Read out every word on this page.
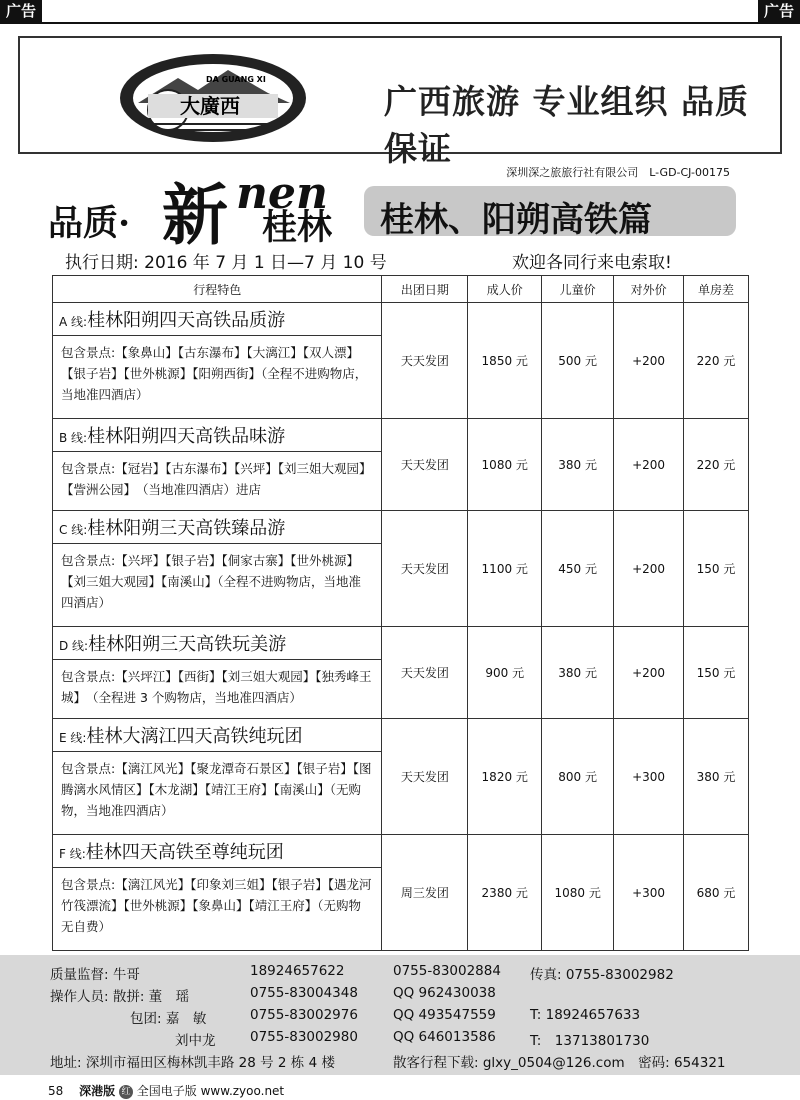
广告	广告
大廣西
DA GUANG XI
广西旅游 专业组织 品质保证
深圳深之旅旅行社有限公司　L-GD-CJ-00175
品质· 新 nen
桂林 桂林、阳朔高铁篇
执行日期: 2016 年 7 月 1 日—7 月 10 号	欢迎各同行来电索取!
行程特色	出团日期	成人价	儿童价	对外价	单房差
A 线:桂林阳朔四天高铁品质游	天天发团	1850 元	500 元	+200	220 元
包含景点:【象鼻山】【古东瀑布】【大漓江】【双人漂】【银子岩】【世外桃源】【阳朔西街】（全程不进购物店，当地准四酒店）					
B 线:桂林阳朔四天高铁品味游	天天发团	1080 元	380 元	+200	220 元
包含景点:【冠岩】【古东瀑布】【兴坪】【刘三姐大观园】【訾洲公园】　（当地准四酒店）进店					
C 线:桂林阳朔三天高铁臻品游	天天发团	1100 元	450 元	+200	150 元
包含景点:【兴坪】【银子岩】【侗家古寨】【世外桃源】【刘三姐大观园】【南溪山】（全程不进购物店，当地准四酒店）					
D 线:桂林阳朔三天高铁玩美游	天天发团	900 元	380 元	+200	150 元
包含景点:【兴坪江】【西街】【刘三姐大观园】【独秀峰王城】　（全程进 3 个购物店，当地准四酒店）					
E 线:桂林大漓江四天高铁纯玩团	天天发团	1820 元	800 元	+300	380 元
包含景点:【漓江风光】【聚龙潭奇石景区】【银子岩】【图腾漓水风情区】【木龙湖】【靖江王府】【南溪山】（无购物，当地准四酒店）					
F 线:桂林四天高铁至尊纯玩团	周三发团	2380 元	1080 元	+300	680 元
包含景点:【漓江风光】【印象刘三姐】【银子岩】【遇龙河竹筏漂流】【世外桃源】【象鼻山】【靖江王府】（无购物无自费）					
质量监督: 牛哥	18924657622	0755-83002884 传真: 0755-83002982
操作人员: 散拼: 董　瑶	0755-83004348	QQ 962430038
包团: 嘉　敏	0755-83002976	QQ 493547559	T: 18924657633
刘中龙	0755-83002980	QQ 646013586	T:　13713801730
地址: 深圳市福田区梅林凯丰路 28 号 2 栋 4 楼	散客行程下载: glxy_0504@126.com　密码: 654321
58　 深港版 红 全国电子版 www.zyoo.net
